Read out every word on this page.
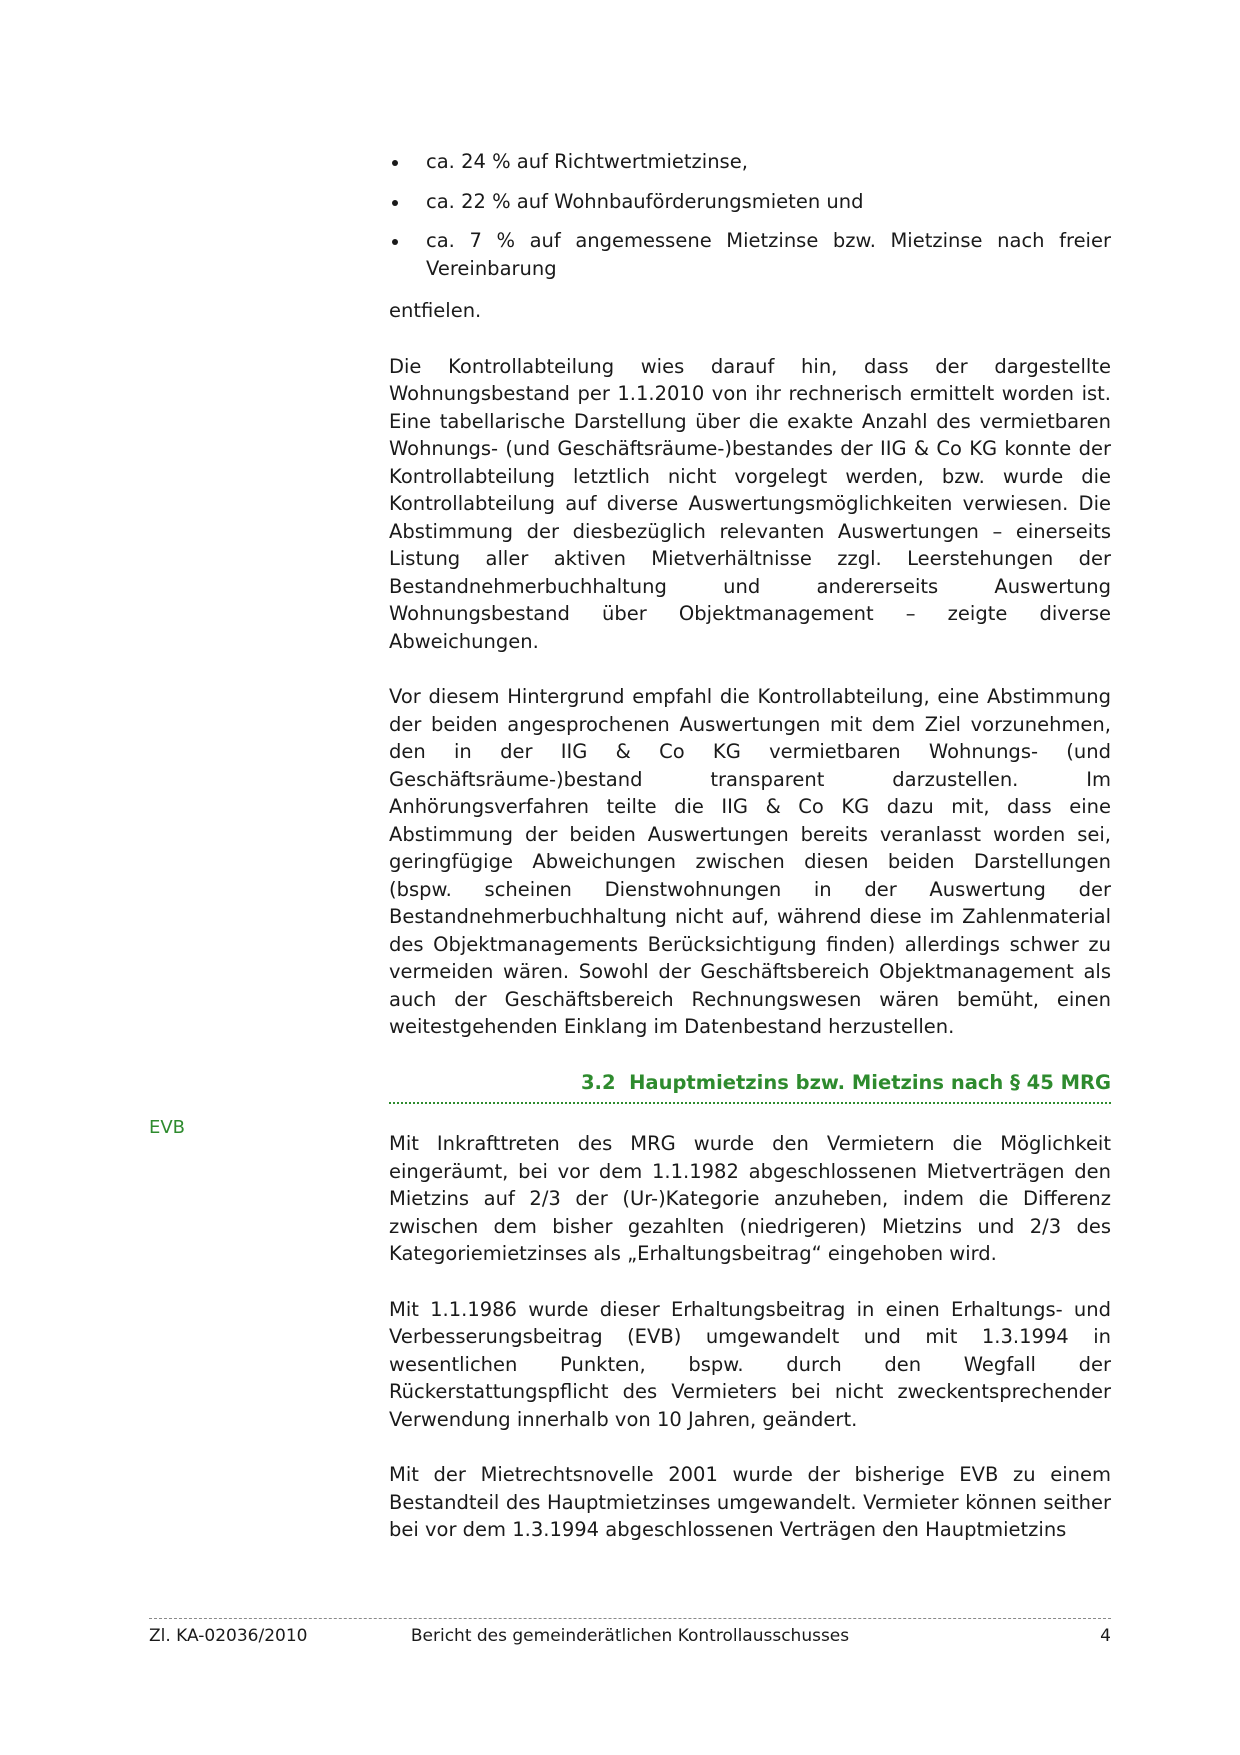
ca. 24 % auf Richtwertmietzinse,
ca. 22 % auf Wohnbauförderungsmieten und
ca. 7 % auf angemessene Mietzinse bzw. Mietzinse nach freier Vereinbarung

entfielen.

Die Kontrollabteilung wies darauf hin, dass der dargestellte Wohnungsbestand per 1.1.2010 von ihr rechnerisch ermittelt worden ist. Eine tabellarische Darstellung über die exakte Anzahl des vermietbaren Wohnungs- (und Geschäftsräume-)bestandes der IIG & Co KG konnte der Kontrollabteilung letztlich nicht vorgelegt werden, bzw. wurde die Kontrollabteilung auf diverse Auswertungsmöglichkeiten verwiesen. Die Abstimmung der diesbezüglich relevanten Auswertungen – einerseits Listung aller aktiven Mietverhältnisse zzgl. Leerstehungen der Bestandnehmerbuchhaltung und andererseits Auswertung Wohnungsbestand über Objektmanagement – zeigte diverse Abweichungen.

Vor diesem Hintergrund empfahl die Kontrollabteilung, eine Abstimmung der beiden angesprochenen Auswertungen mit dem Ziel vorzunehmen, den in der IIG & Co KG vermietbaren Wohnungs- (und Geschäftsräume-)bestand transparent darzustellen. Im Anhörungsverfahren teilte die IIG & Co KG dazu mit, dass eine Abstimmung der beiden Auswertungen bereits veranlasst worden sei, geringfügige Abweichungen zwischen diesen beiden Darstellungen (bspw. scheinen Dienstwohnungen in der Auswertung der Bestandnehmerbuchhaltung nicht auf, während diese im Zahlenmaterial des Objektmanagements Berücksichtigung finden) allerdings schwer zu vermeiden wären. Sowohl der Geschäftsbereich Objektmanagement als auch der Geschäftsbereich Rechnungswesen wären bemüht, einen weitestgehenden Einklang im Datenbestand herzustellen.

3.2 Hauptmietzins bzw. Mietzins nach § 45 MRG

Mit Inkrafttreten des MRG wurde den Vermietern die Möglichkeit eingeräumt, bei vor dem 1.1.1982 abgeschlossenen Mietverträgen den Mietzins auf 2/3 der (Ur-)Kategorie anzuheben, indem die Differenz zwischen dem bisher gezahlten (niedrigeren) Mietzins und 2/3 des Kategoriemietzinses als „Erhaltungsbeitrag“ eingehoben wird.

Mit 1.1.1986 wurde dieser Erhaltungsbeitrag in einen Erhaltungs- und Verbesserungsbeitrag (EVB) umgewandelt und mit 1.3.1994 in wesentlichen Punkten, bspw. durch den Wegfall der Rückerstattungspflicht des Vermieters bei nicht zweckentsprechender Verwendung innerhalb von 10 Jahren, geändert.

Mit der Mietrechtsnovelle 2001 wurde der bisherige EVB zu einem Bestandteil des Hauptmietzinses umgewandelt. Vermieter können seither bei vor dem 1.3.1994 abgeschlossenen Verträgen den Hauptmietzins

EVB
Zl. KA-02036/2010	Bericht des gemeinderätlichen Kontrollausschusses	4
